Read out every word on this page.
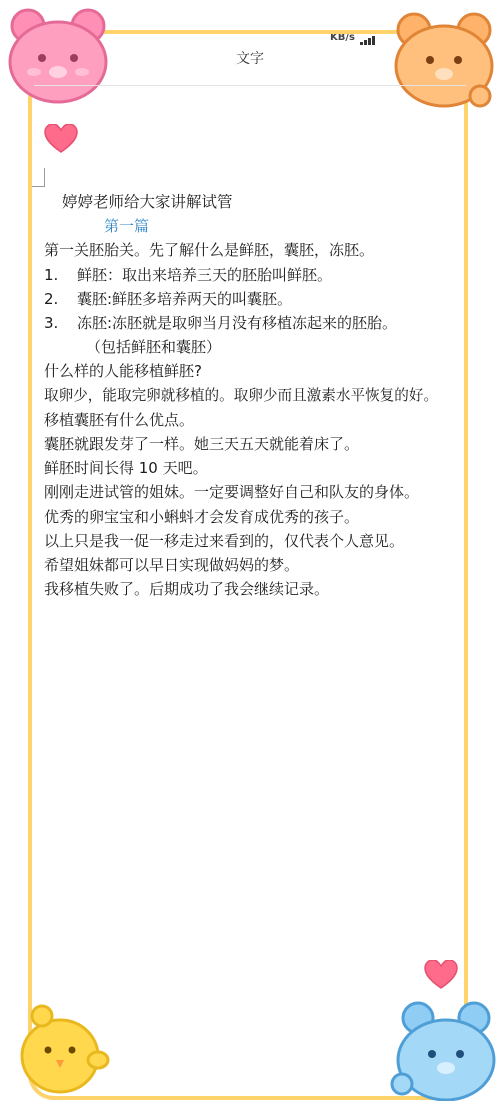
KB/s
文字
婷婷老师给大家讲解试管
第一篇
第一关胚胎关。先了解什么是鲜胚，囊胚，冻胚。
1.	鲜胚：取出来培养三天的胚胎叫鲜胚。
2.	囊胚:鲜胚多培养两天的叫囊胚。
3.	冻胚:冻胚就是取卵当月没有移植冻起来的胚胎。
（包括鲜胚和囊胚）
什么样的人能移植鲜胚?
取卵少，能取完卵就移植的。取卵少而且激素水平恢复的好。
移植囊胚有什么优点。
囊胚就跟发芽了一样。她三天五天就能着床了。
鲜胚时间长得 10 天吧。
刚刚走进试管的姐妹。一定要调整好自己和队友的身体。
优秀的卵宝宝和小蝌蚪才会发育成优秀的孩子。
以上只是我一促一移走过来看到的，仅代表个人意见。
希望姐妹都可以早日实现做妈妈的梦。
我移植失败了。后期成功了我会继续记录。
